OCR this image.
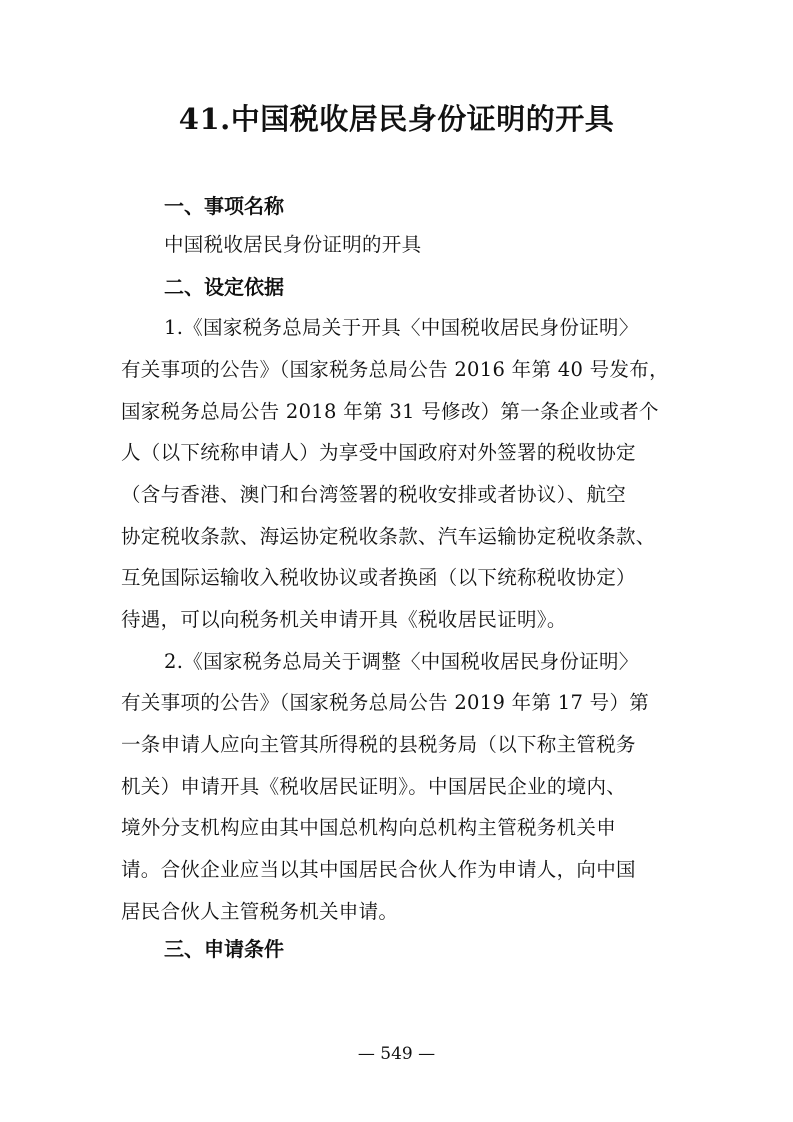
41.中国税收居民身份证明的开具
一、事项名称
中国税收居民身份证明的开具
二、设定依据
1.《国家税务总局关于开具〈中国税收居民身份证明〉
有关事项的公告》（国家税务总局公告 2016 年第 40 号发布，
国家税务总局公告 2018 年第 31 号修改）第一条企业或者个
人（以下统称申请人）为享受中国政府对外签署的税收协定
（含与香港、澳门和台湾签署的税收安排或者协议）、航空
协定税收条款、海运协定税收条款、汽车运输协定税收条款、
互免国际运输收入税收协议或者换函（以下统称税收协定）
待遇，可以向税务机关申请开具《税收居民证明》。
2.《国家税务总局关于调整〈中国税收居民身份证明〉
有关事项的公告》（国家税务总局公告 2019 年第 17 号）第
一条申请人应向主管其所得税的县税务局（以下称主管税务
机关）申请开具《税收居民证明》。中国居民企业的境内、
境外分支机构应由其中国总机构向总机构主管税务机关申
请。合伙企业应当以其中国居民合伙人作为申请人，向中国
居民合伙人主管税务机关申请。
三、申请条件
— 549 —
